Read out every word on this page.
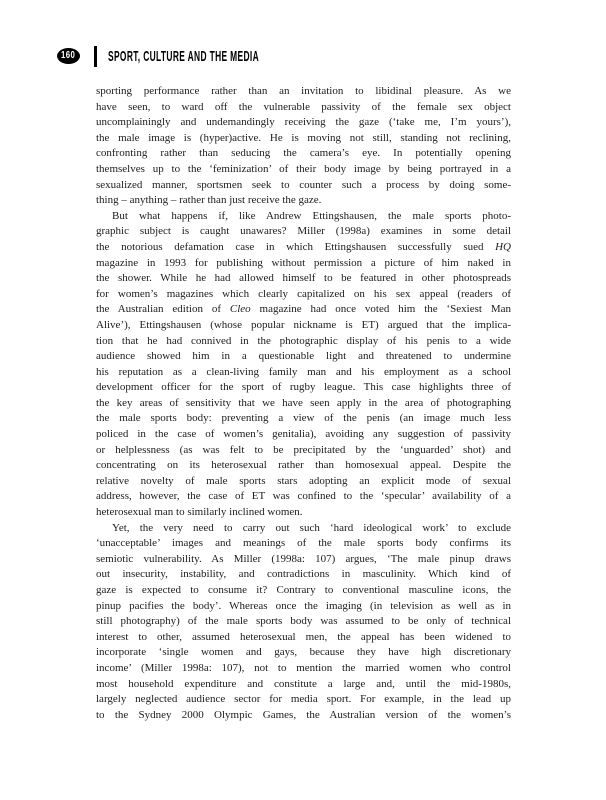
160 SPORT, CULTURE AND THE MEDIA
sporting performance rather than an invitation to libidinal pleasure. As we
have seen, to ward off the vulnerable passivity of the female sex object
uncomplainingly and undemandingly receiving the gaze (‘take me, I’m yours’),
the male image is (hyper)active. He is moving not still, standing not reclining,
confronting rather than seducing the camera’s eye. In potentially opening
themselves up to the ‘feminization’ of their body image by being portrayed in a
sexualized manner, sportsmen seek to counter such a process by doing some-
thing – anything – rather than just receive the gaze.
But what happens if, like Andrew Ettingshausen, the male sports photo-
graphic subject is caught unawares? Miller (1998a) examines in some detail
the notorious defamation case in which Ettingshausen successfully sued HQ
magazine in 1993 for publishing without permission a picture of him naked in
the shower. While he had allowed himself to be featured in other photospreads
for women’s magazines which clearly capitalized on his sex appeal (readers of
the Australian edition of Cleo magazine had once voted him the ‘Sexiest Man
Alive’), Ettingshausen (whose popular nickname is ET) argued that the implica-
tion that he had connived in the photographic display of his penis to a wide
audience showed him in a questionable light and threatened to undermine
his reputation as a clean-living family man and his employment as a school
development officer for the sport of rugby league. This case highlights three of
the key areas of sensitivity that we have seen apply in the area of photographing
the male sports body: preventing a view of the penis (an image much less
policed in the case of women’s genitalia), avoiding any suggestion of passivity
or helplessness (as was felt to be precipitated by the ‘unguarded’ shot) and
concentrating on its heterosexual rather than homosexual appeal. Despite the
relative novelty of male sports stars adopting an explicit mode of sexual
address, however, the case of ET was confined to the ‘specular’ availability of a
heterosexual man to similarly inclined women.
Yet, the very need to carry out such ‘hard ideological work’ to exclude
‘unacceptable’ images and meanings of the male sports body confirms its
semiotic vulnerability. As Miller (1998a: 107) argues, ‘The male pinup draws
out insecurity, instability, and contradictions in masculinity. Which kind of
gaze is expected to consume it? Contrary to conventional masculine icons, the
pinup pacifies the body’. Whereas once the imaging (in television as well as in
still photography) of the male sports body was assumed to be only of technical
interest to other, assumed heterosexual men, the appeal has been widened to
incorporate ‘single women and gays, because they have high discretionary
income’ (Miller 1998a: 107), not to mention the married women who control
most household expenditure and constitute a large and, until the mid-1980s,
largely neglected audience sector for media sport. For example, in the lead up
to the Sydney 2000 Olympic Games, the Australian version of the women’s
